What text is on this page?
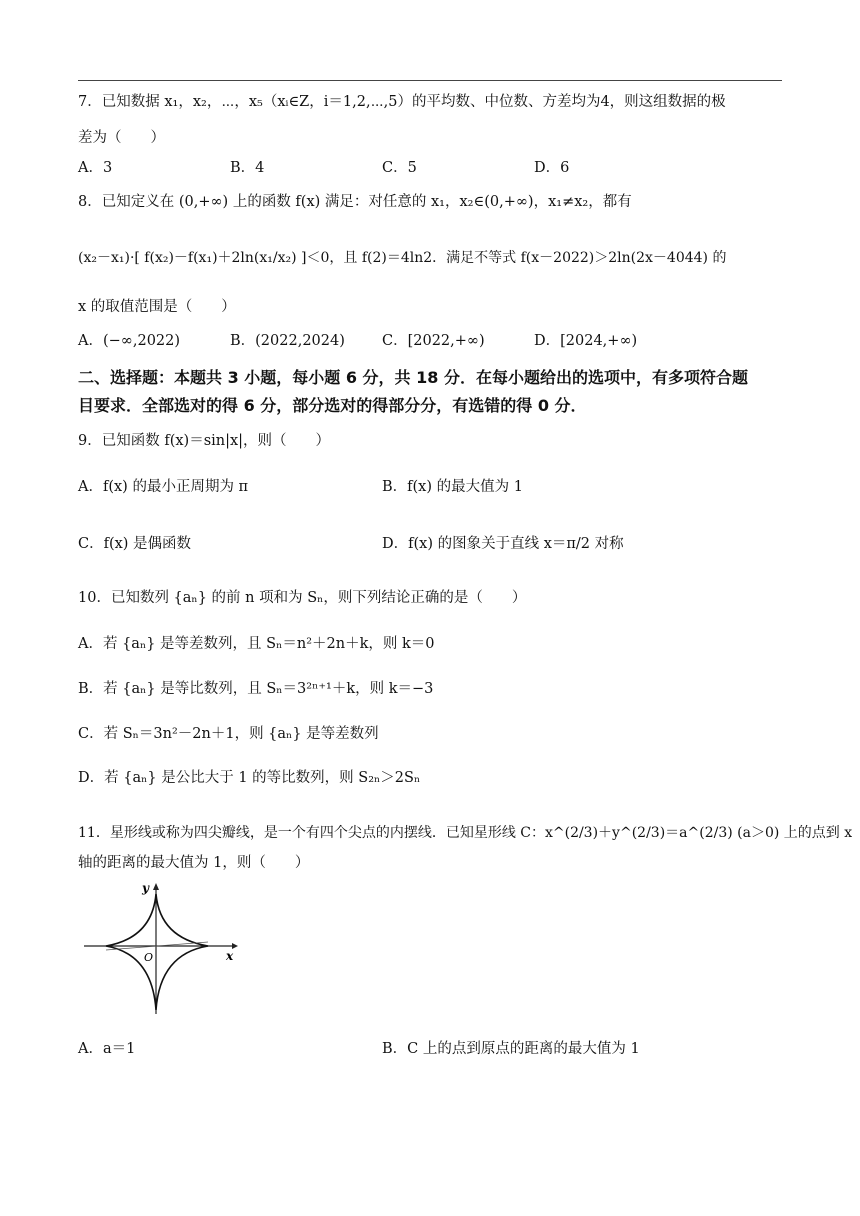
7．已知数据 x₁，x₂，⋯，x₅（xᵢ∈Z，i＝1,2,⋯,5）的平均数、中位数、方差均为4，则这组数据的极
差为（　　）
A．3	B．4	C．5	D．6
8．已知定义在 (0,+∞) 上的函数 f(x) 满足：对任意的 x₁，x₂∈(0,+∞)，x₁≠x₂，都有
(x₂－x₁)·[ f(x₂)－f(x₁)＋2ln(x₁/x₂) ]＜0，且 f(2)＝4ln2．满足不等式 f(x－2022)＞2ln(2x－4044) 的
x 的取值范围是（　　）
A．(−∞,2022)	B．(2022,2024)	C．[2022,+∞)	D．[2024,+∞)
二、选择题：本题共 3 小题，每小题 6 分，共 18 分．在每小题给出的选项中，有多项符合题
目要求．全部选对的得 6 分，部分选对的得部分分，有选错的得 0 分．
9．已知函数 f(x)＝sin|x|，则（　　）
A．f(x) 的最小正周期为 π	B．f(x) 的最大值为 1
C．f(x) 是偶函数	D．f(x) 的图象关于直线 x＝π/2 对称
10．已知数列 {aₙ} 的前 n 项和为 Sₙ，则下列结论正确的是（　　）
A．若 {aₙ} 是等差数列，且 Sₙ＝n²＋2n＋k，则 k＝0
B．若 {aₙ} 是等比数列，且 Sₙ＝3²ⁿ⁺¹＋k，则 k＝−3
C．若 Sₙ＝3n²－2n＋1，则 {aₙ} 是等差数列
D．若 {aₙ} 是公比大于 1 的等比数列，则 S₂ₙ＞2Sₙ
11．星形线或称为四尖瓣线，是一个有四个尖点的内摆线．已知星形线 C：x^(2/3)＋y^(2/3)＝a^(2/3) (a＞0) 上的点到 x
轴的距离的最大值为 1，则（　　）
y
x
O
A．a＝1	B．C 上的点到原点的距离的最大值为 1
